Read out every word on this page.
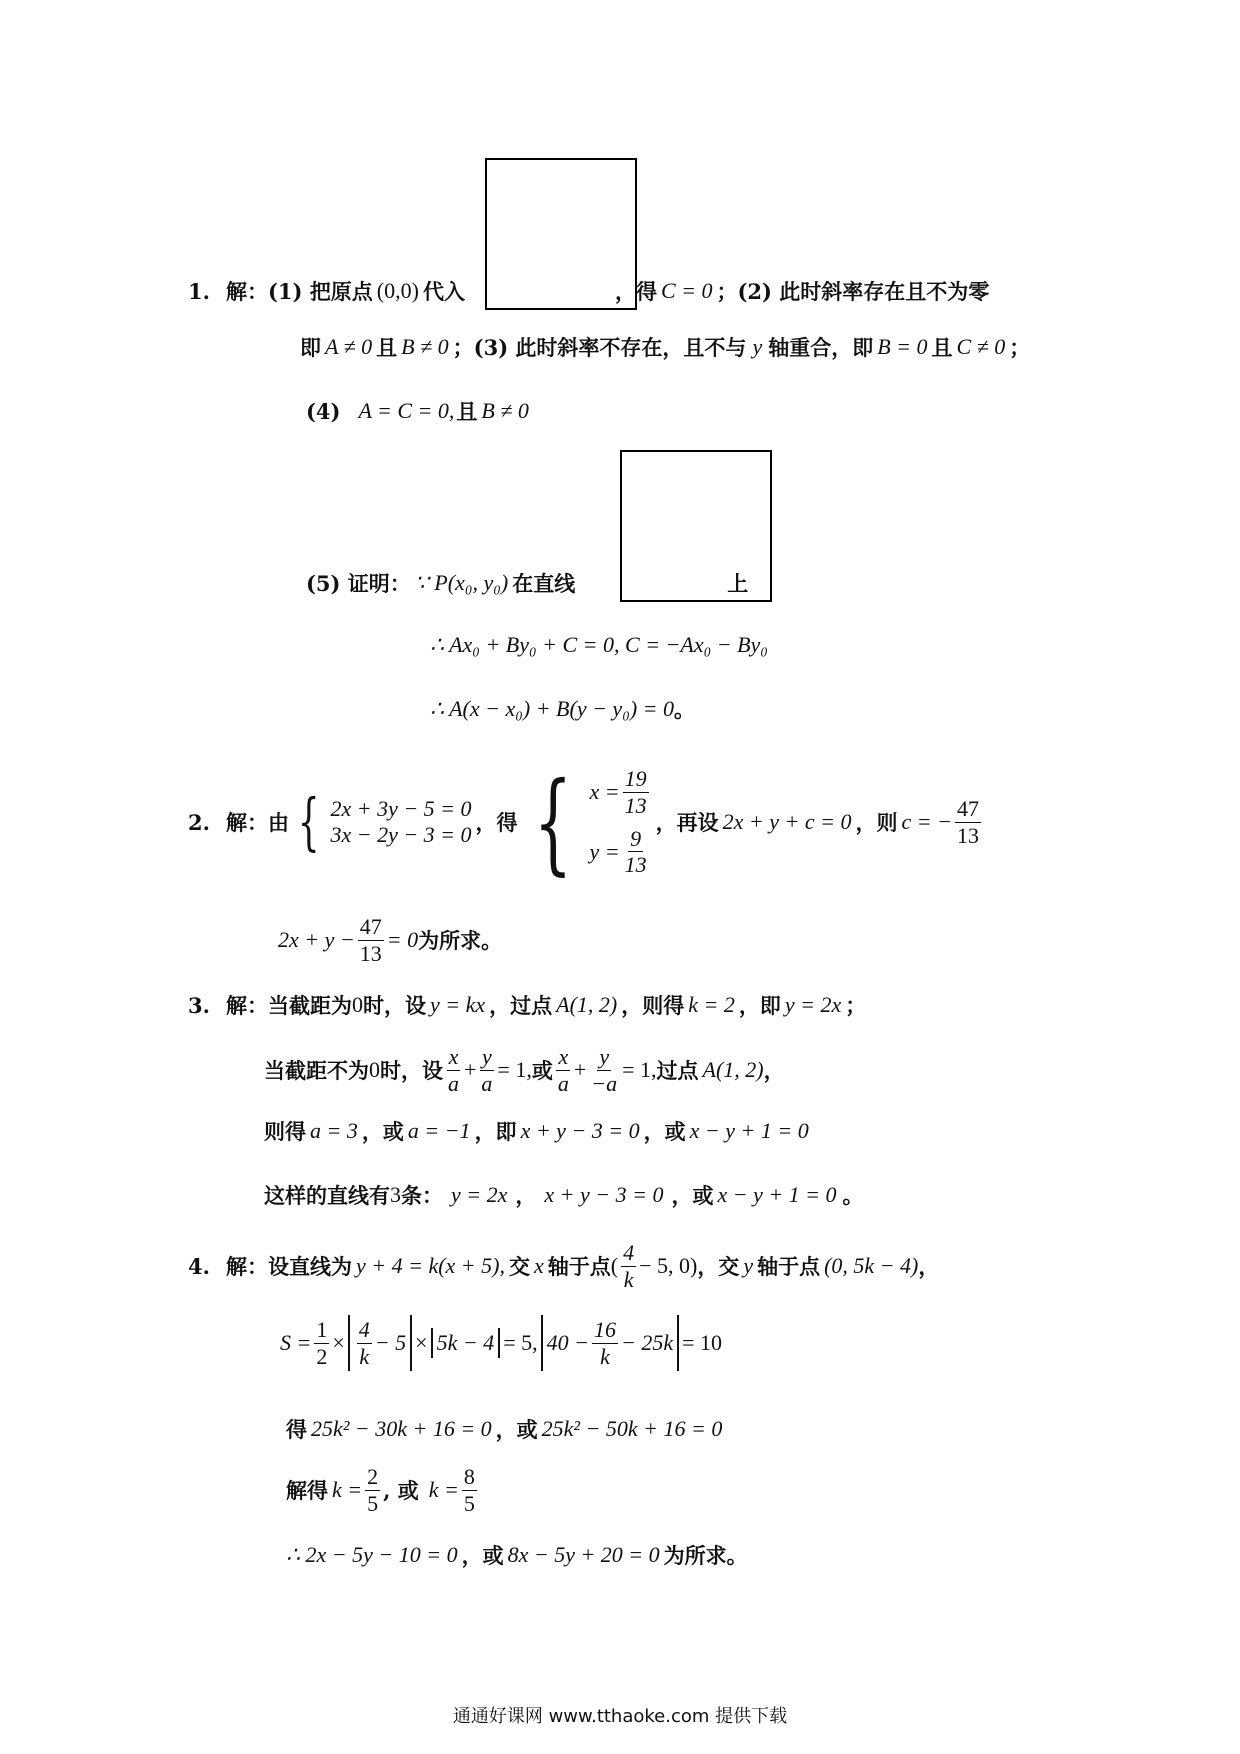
1. 解：(1) 把原点 (0,0) 代入	，得 C = 0 ；(2) 此时斜率存在且不为零
即 A ≠ 0 且 B ≠ 0 ；(3) 此时斜率不存在，且不与 y 轴重合，即 B = 0 且 C ≠ 0 ；
(4) A = C = 0, 且 B ≠ 0
(5) 证明： ∵ P(x₀, y₀) 在直线	上
∴ Ax₀ + By₀ + C = 0, C = −Ax₀ − By₀
∴ A(x − x₀) + B(y − y₀) = 0 。
2. 解：由 { 2x + 3y − 5 = 0
3x − 2y − 3 = 0 ，得 { $x = \frac{19}{13}$
$y = \frac{9}{13}$
，再设 2x + y + c = 0 ，则 c = − $\frac{47}{13}$
$2x + y - \frac{47}{13} = 0$ 为所求。
3. 解：当截距为 0 时，设 y = kx ，过点 A(1, 2) ，则得 k = 2 ，即 y = 2x ；
当截距不为 0 时，设 $\frac{x}{a} + \frac{y}{a} = 1$, 或 $\frac{x}{a} + \frac{y}{-a} = 1$, 过点 A(1, 2) ，
则得 a = 3 ，或 a = −1 ，即 x + y − 3 = 0 ，或 x − y + 1 = 0
这样的直线有 3 条： y = 2x ， x + y − 3 = 0 ，或 x − y + 1 = 0 。
4. 解：设直线为 y + 4 = k(x + 5), 交 x 轴于点 ( $\frac{4}{k} - 5$, 0) ，交 y 轴于点 (0, 5k − 4) ，
$S = \frac{1}{2} \times \frac{4}{k} - 5 \times 5k - 4 = 5$, $40 - \frac{16}{k} - 25k = 10$
得 25k² − 30k + 16 = 0 ，或 25k² − 50k + 16 = 0
解得 $k = \frac{2}{5}$ , 或 $k = \frac{8}{5}$
∴ 2x − 5y − 10 = 0 ，或 8x − 5y + 20 = 0 为所求。
通通好课网 www.tthaoke.com 提供下载
